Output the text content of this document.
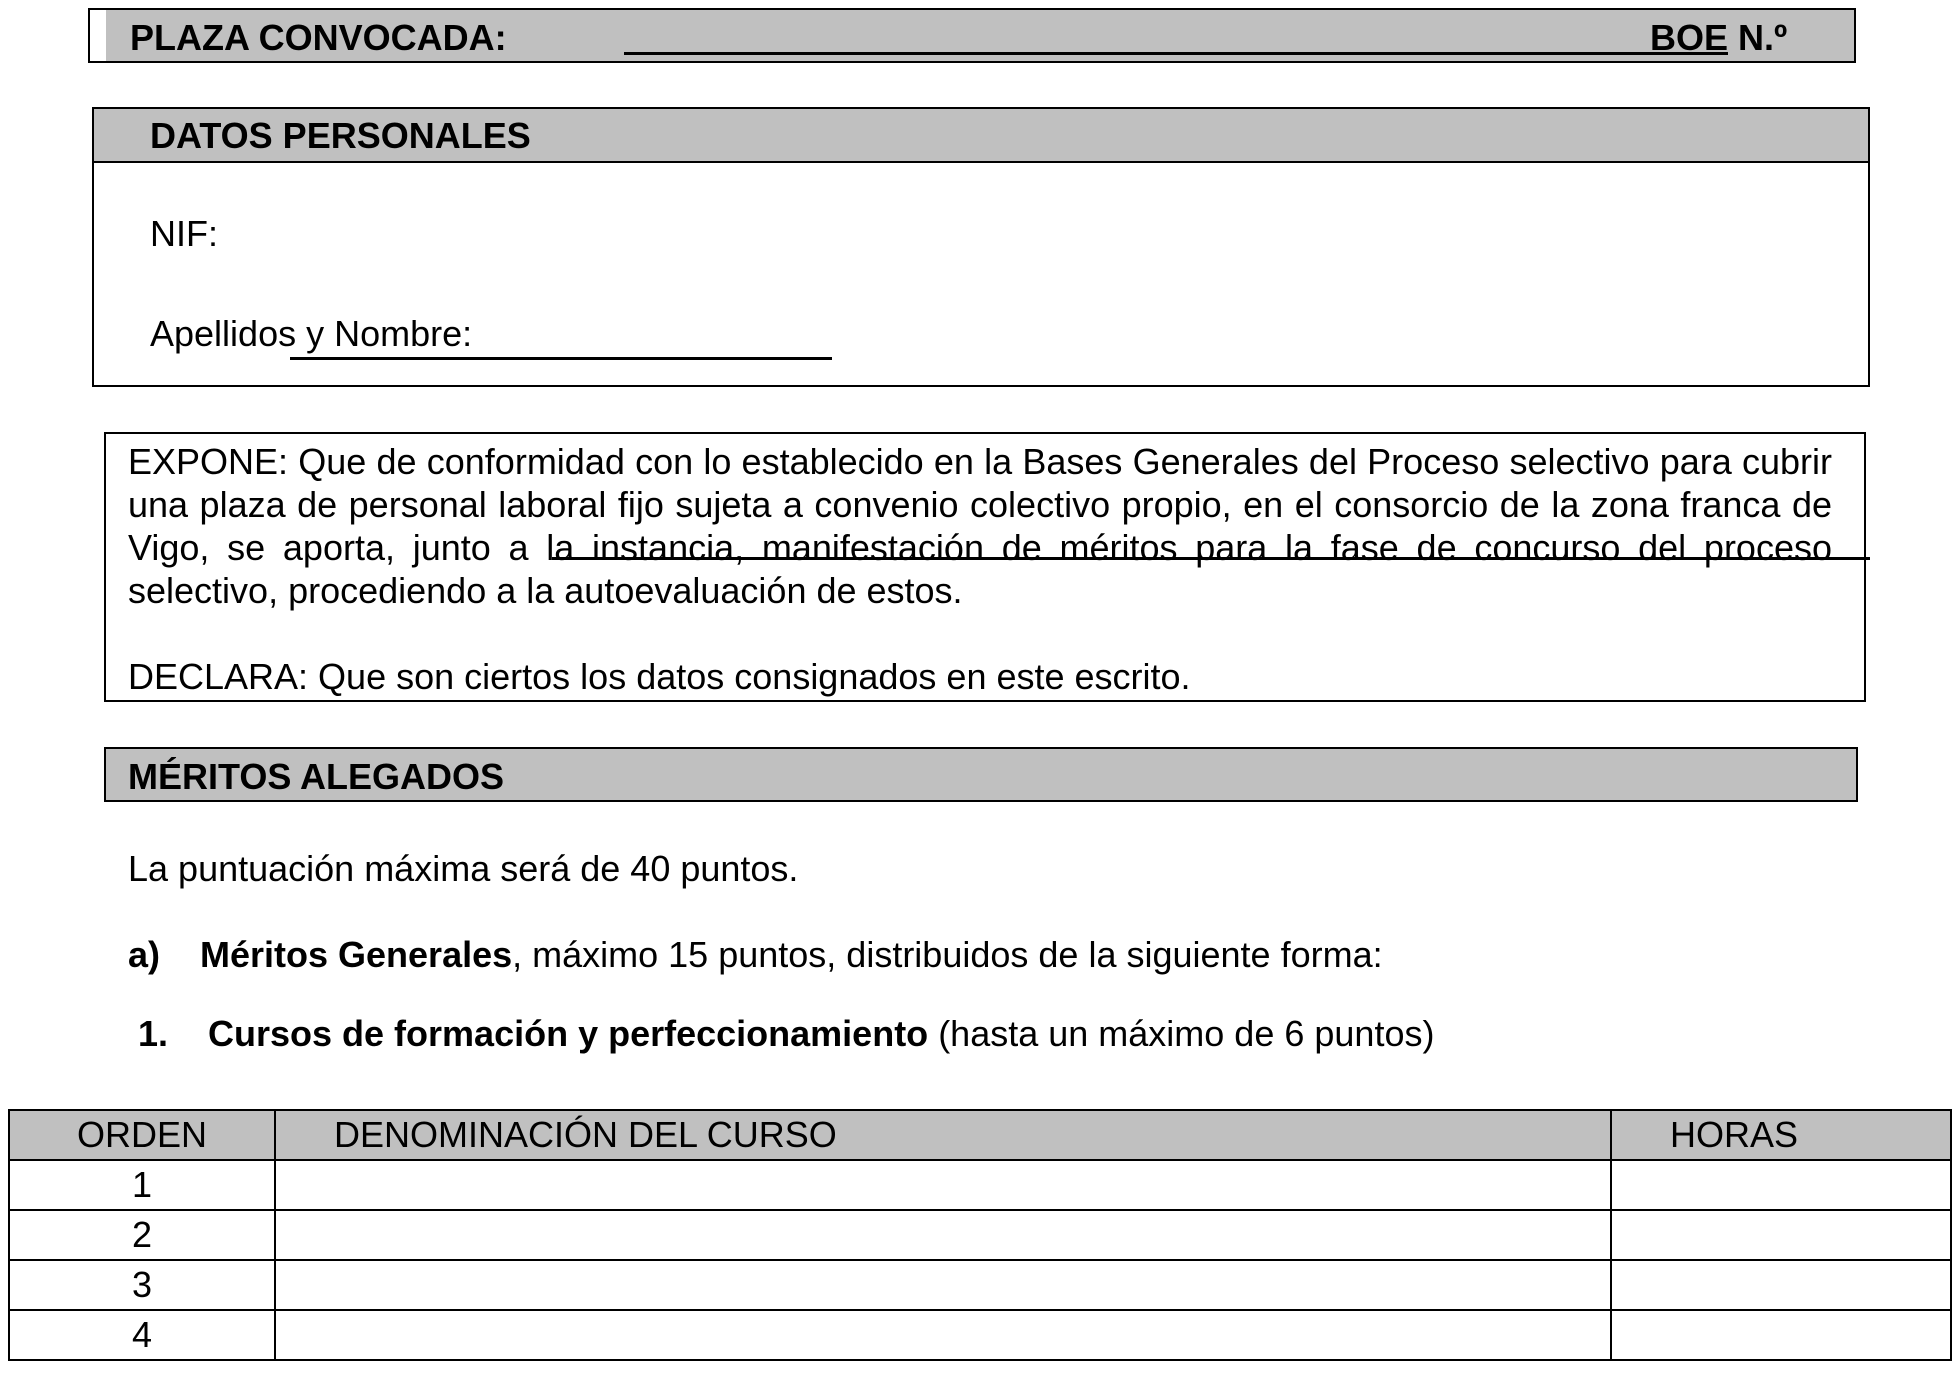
PLAZA CONVOCADA:	BOE N.º
DATOS PERSONALES
NIF:
Apellidos y Nombre:

EXPONE: Que de conformidad con lo establecido en la Bases Generales del Proceso selectivo para cubrir una plaza de personal laboral fijo sujeta a convenio colectivo propio, en el consorcio de la zona franca de Vigo, se aporta, junto a la instancia, manifestación de méritos para la fase de concurso del proceso selectivo, procediendo a la autoevaluación de estos.

DECLARA: Que son ciertos los datos consignados en este escrito.

MÉRITOS ALEGADOS
La puntuación máxima será de 40 puntos.
a) Méritos Generales, máximo 15 puntos, distribuidos de la siguiente forma:
1. Cursos de formación y perfeccionamiento (hasta un máximo de 6 puntos)
ORDEN	DENOMINACIÓN DEL CURSO	HORAS
1		
2		
3		
4		
